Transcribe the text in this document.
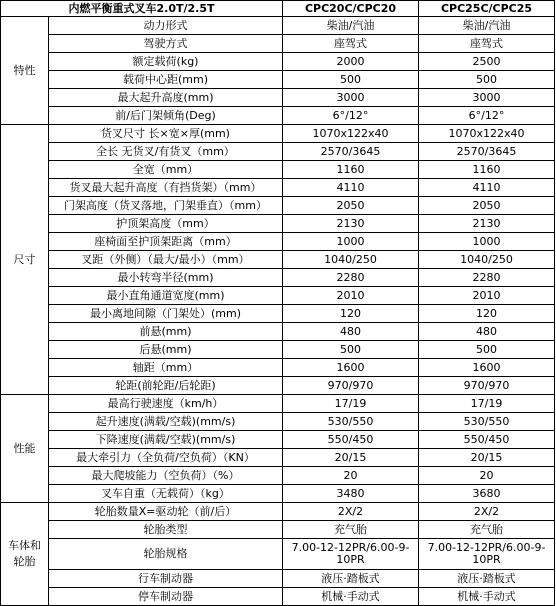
内燃平衡重式叉车2.0T/2.5T		CPC20C/CPC20	CPC25C/CPC25
特性	动力形式	柴油/汽油	柴油/汽油
	驾驶方式	座驾式	座驾式
	额定载荷(kg)	2000	2500
	载荷中心距(mm)	500	500
	最大起升高度(mm)	3000	3000
	前/后门架倾角(Deg)	6°/12°	6°/12°
尺寸	货叉尺寸 长×宽×厚(mm)	1070x122x40	1070x122x40
	全长 无货叉/有货叉（mm）	2570/3645	2570/3645
	全宽（mm）	1160	1160
	货叉最大起升高度（有挡货架）（mm）	4110	4110
	门架高度（货叉落地，门架垂直）（mm）	2050	2050
	护顶架高度（mm）	2130	2130
	座椅面至护顶架距离（mm）	1000	1000
	叉距（外侧）（最大/最小）（mm）	1040/250	1040/250
	最小转弯半径(mm)	2280	2280
	最小直角通道宽度(mm)	2010	2010
	最小离地间隙（门架处）(mm)	120	120
	前悬(mm)	480	480
	后悬(mm)	500	500
	轴距（mm）	1600	1600
	轮距(前轮距/后轮距)	970/970	970/970
性能	最高行驶速度（km/h）	17/19	17/19
	起升速度(满载/空载)(mm/s)	530/550	530/550
	下降速度(满载/空载)(mm/s)	550/450	550/450
	最大牵引力（全负荷/空负荷）（KN）	20/15	20/15
	最大爬坡能力（空负荷）（%）	20	20
	叉车自重（无载荷）（kg）	3480	3680
车体和轮胎	轮胎数量X=驱动轮（前/后）	2X/2	2X/2
	轮胎类型	充气胎	充气胎
	轮胎规格	7.00-12-12PR/6.00-9-10PR	7.00-12-12PR/6.00-9-10PR
	行车制动器	液压·踏板式	液压·踏板式
	停车制动器	机械·手动式	机械·手动式
